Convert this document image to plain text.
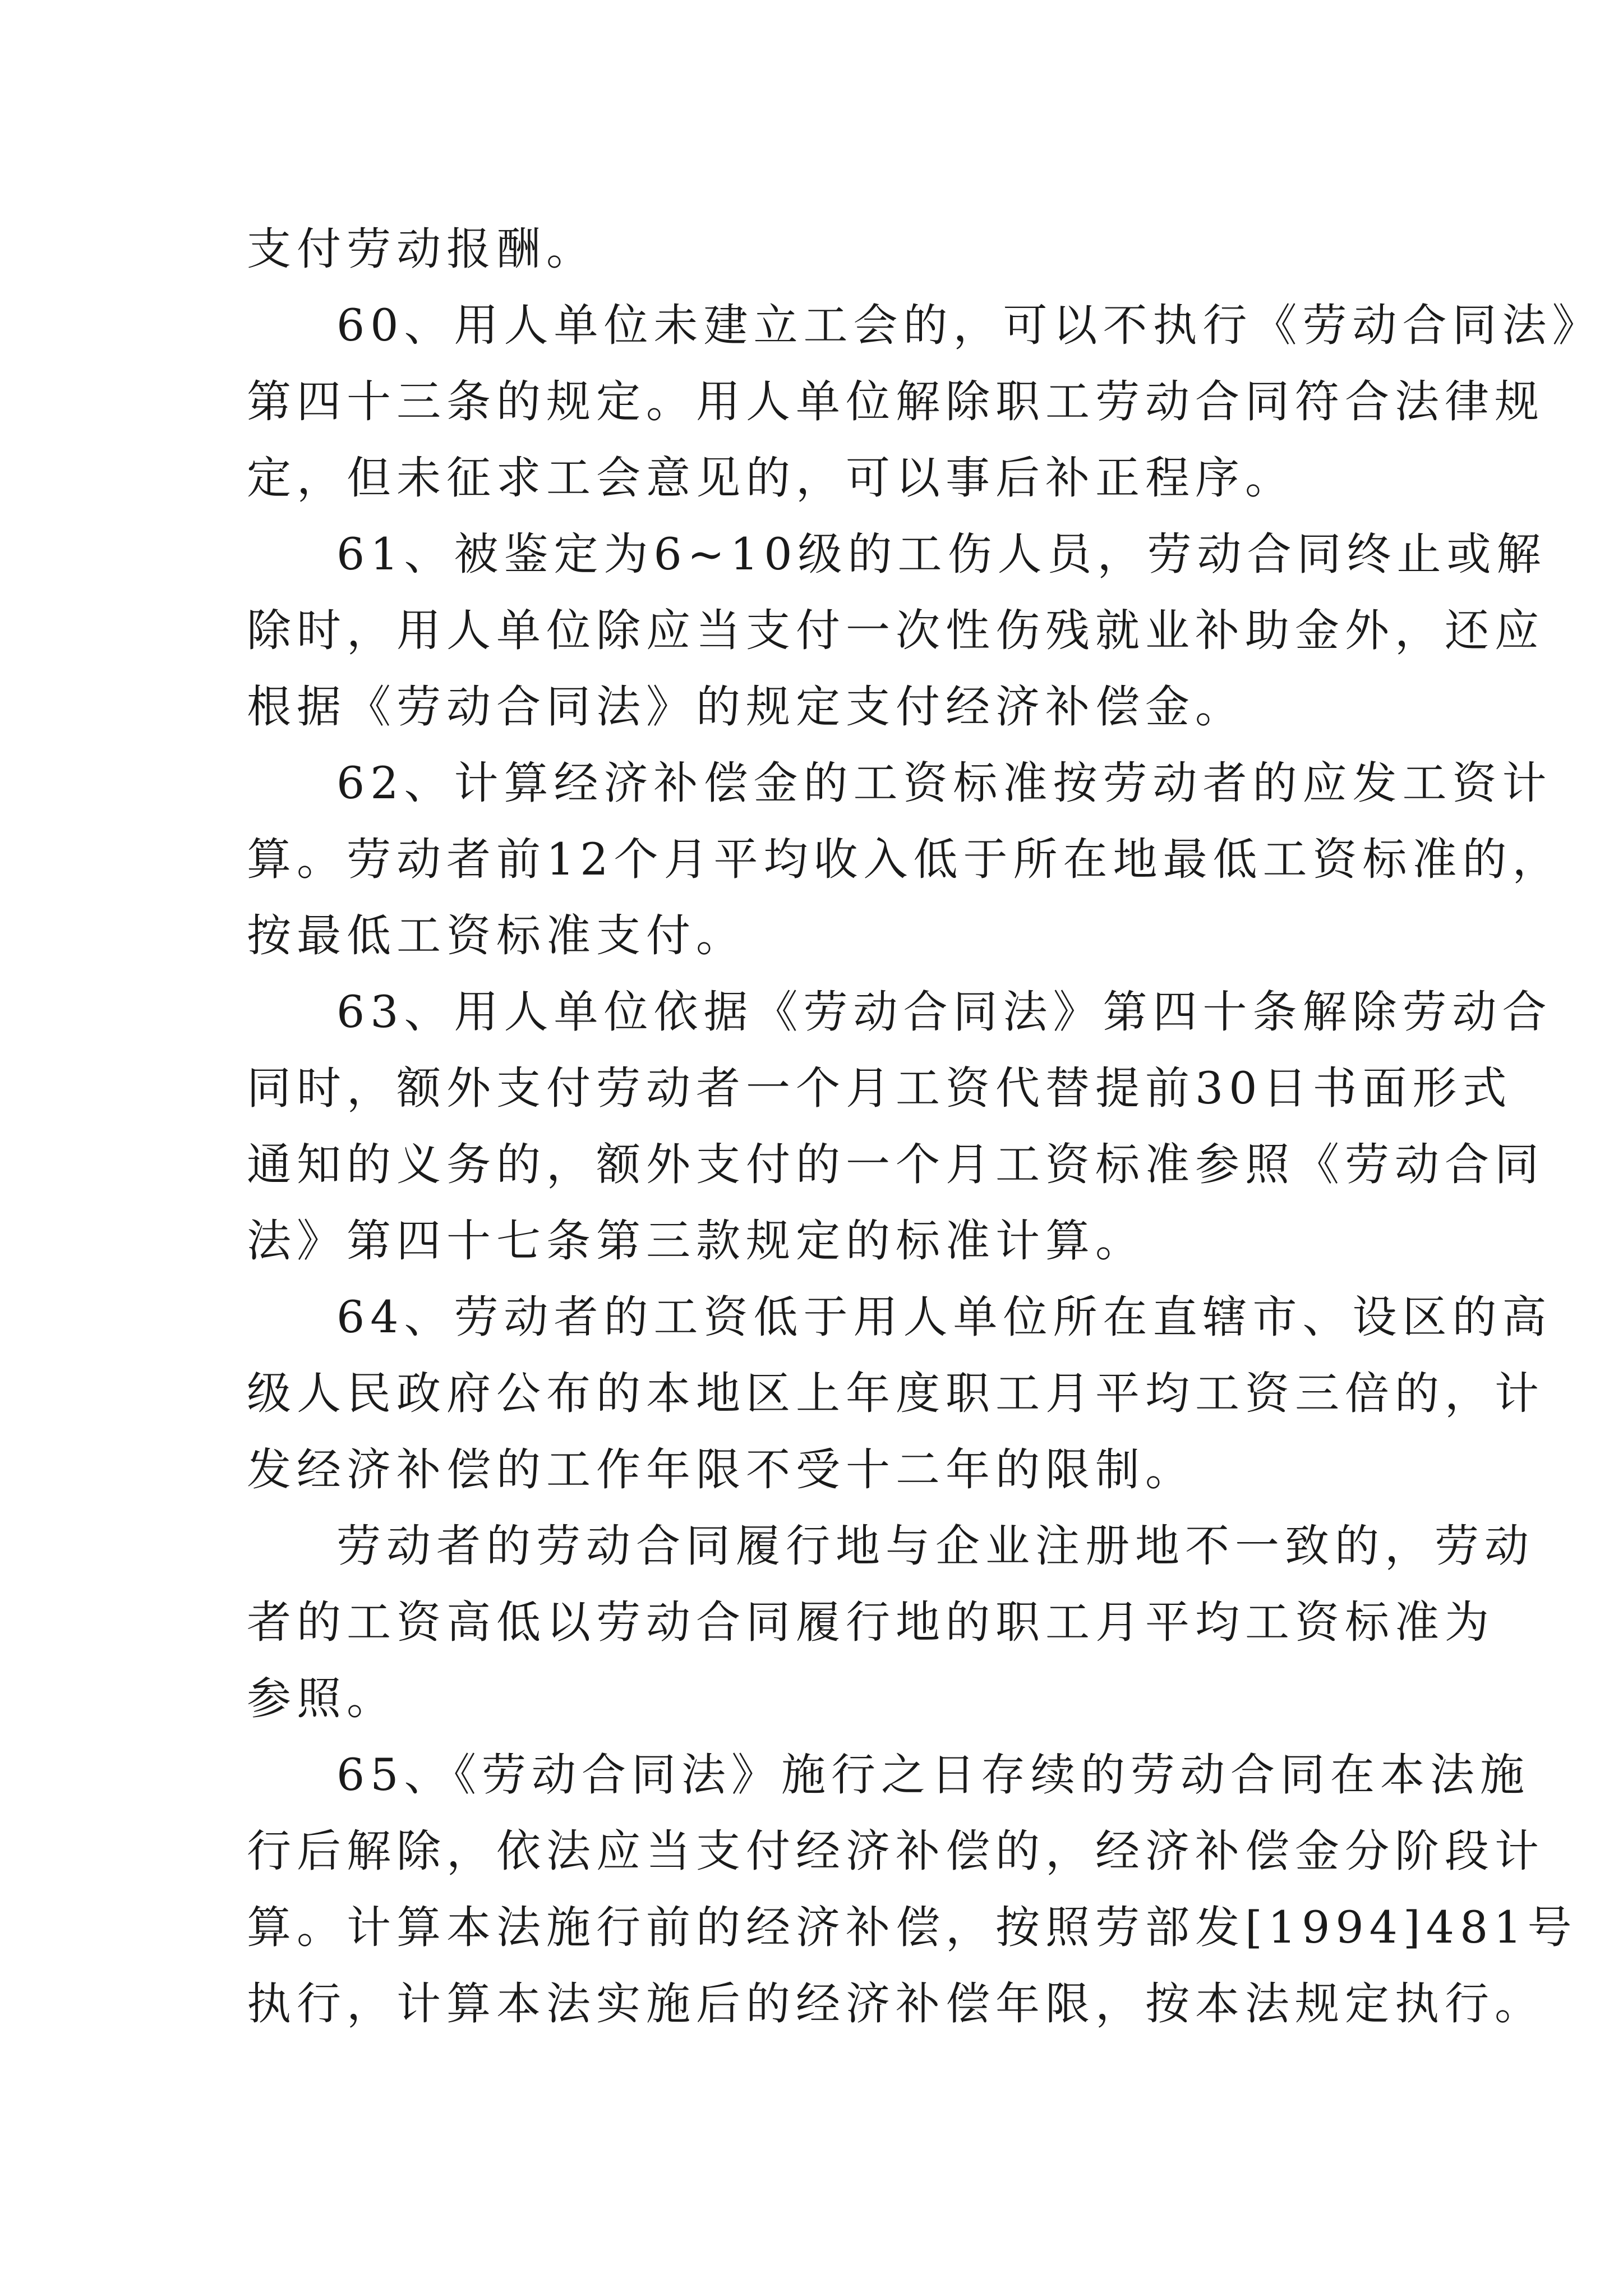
支付劳动报酬。
60、用人单位未建立工会的，可以不执行《劳动合同法》
第四十三条的规定。用人单位解除职工劳动合同符合法律规
定，但未征求工会意见的，可以事后补正程序。
61、被鉴定为6~10级的工伤人员，劳动合同终止或解
除时，用人单位除应当支付一次性伤残就业补助金外，还应
根据《劳动合同法》的规定支付经济补偿金。
62、计算经济补偿金的工资标准按劳动者的应发工资计
算。劳动者前12个月平均收入低于所在地最低工资标准的，
按最低工资标准支付。
63、用人单位依据《劳动合同法》第四十条解除劳动合
同时，额外支付劳动者一个月工资代替提前30日书面形式
通知的义务的，额外支付的一个月工资标准参照《劳动合同
法》第四十七条第三款规定的标准计算。
64、劳动者的工资低于用人单位所在直辖市、设区的高
级人民政府公布的本地区上年度职工月平均工资三倍的，计
发经济补偿的工作年限不受十二年的限制。
劳动者的劳动合同履行地与企业注册地不一致的，劳动
者的工资高低以劳动合同履行地的职工月平均工资标准为
参照。
65、《劳动合同法》施行之日存续的劳动合同在本法施
行后解除，依法应当支付经济补偿的，经济补偿金分阶段计
算。计算本法施行前的经济补偿，按照劳部发[1994]481号
执行，计算本法实施后的经济补偿年限，按本法规定执行。
